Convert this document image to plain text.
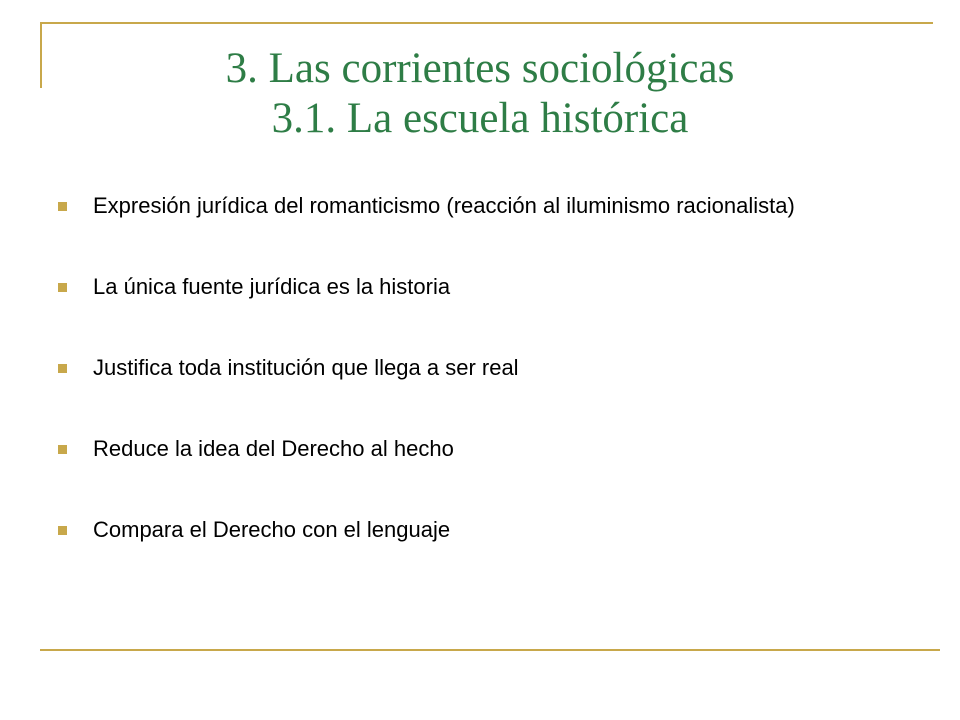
3. Las corrientes sociológicas
3.1. La escuela histórica
Expresión jurídica del romanticismo (reacción al iluminismo racionalista)
La única fuente jurídica es la historia
Justifica toda institución que llega a ser real
Reduce la idea del Derecho al hecho
Compara el Derecho con el lenguaje
